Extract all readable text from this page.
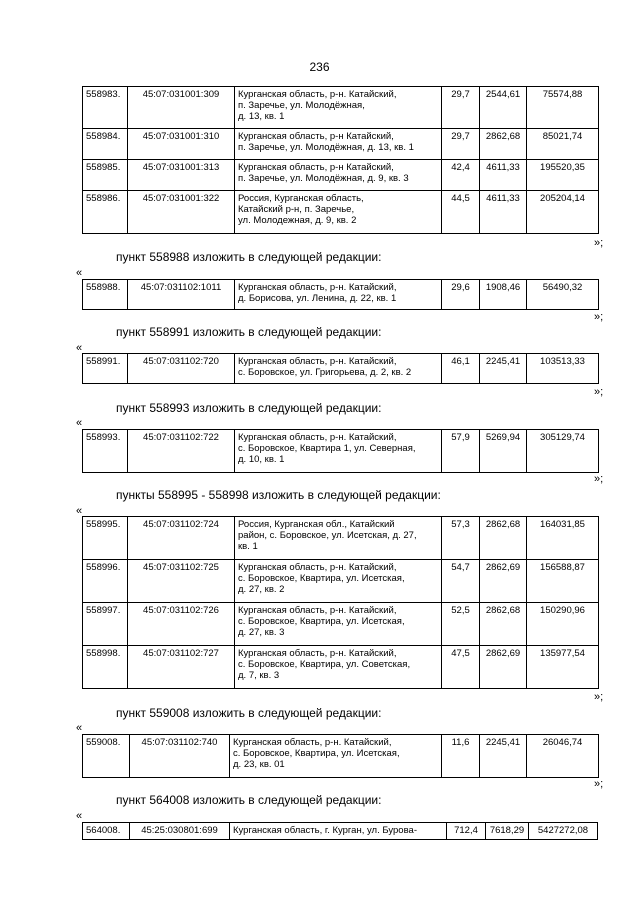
236
558983.	45:07:031001:309	Курганская область, р-н. Катайский,
п. Заречье, ул. Молодёжная,
д. 13, кв. 1	29,7	2544,61	75574,88
558984.	45:07:031001:310	Курганская область, р-н Катайский,
п. Заречье, ул. Молодёжная, д. 13, кв. 1	29,7	2862,68	85021,74
558985.	45:07:031001:313	Курганская область, р-н Катайский,
п. Заречье, ул. Молодёжная, д. 9, кв. 3	42,4	4611,33	195520,35
558986.	45:07:031001:322	Россия, Курганская область,
Катайский р-н, п. Заречье,
ул. Молодежная, д. 9, кв. 2	44,5	4611,33	205204,14
»;
пункт 558988 изложить в следующей редакции:
«
558988.	45:07:031102:1011	Курганская область, р-н. Катайский,
д. Борисова, ул. Ленина, д. 22, кв. 1	29,6	1908,46	56490,32
»;
пункт 558991 изложить в следующей редакции:
«
558991.	45:07:031102:720	Курганская область, р-н. Катайский,
с. Боровское, ул. Григорьева, д. 2, кв. 2	46,1	2245,41	103513,33
»;
пункт 558993 изложить в следующей редакции:
«
558993.	45:07:031102:722	Курганская область, р-н. Катайский,
с. Боровское, Квартира 1, ул. Северная,
д. 10, кв. 1	57,9	5269,94	305129,74
»;
пункты 558995 - 558998 изложить в следующей редакции:
«
558995.	45:07:031102:724	Россия, Курганская обл., Катайский
район, с. Боровское, ул. Исетская, д. 27,
кв. 1	57,3	2862,68	164031,85
558996.	45:07:031102:725	Курганская область, р-н. Катайский,
с. Боровское, Квартира, ул. Исетская,
д. 27, кв. 2	54,7	2862,69	156588,87
558997.	45:07:031102:726	Курганская область, р-н. Катайский,
с. Боровское, Квартира, ул. Исетская,
д. 27, кв. 3	52,5	2862,68	150290,96
558998.	45:07:031102:727	Курганская область, р-н. Катайский,
с. Боровское, Квартира, ул. Советская,
д. 7, кв. 3	47,5	2862,69	135977,54
»;
пункт 559008 изложить в следующей редакции:
«
559008.	45:07:031102:740	Курганская область, р-н. Катайский,
с. Боровское, Квартира, ул. Исетская,
д. 23, кв. 01	11,6	2245,41	26046,74
»;
пункт 564008 изложить в следующей редакции:
«
564008.	45:25:030801:699	Курганская область, г. Курган, ул. Бурова-	712,4	7618,29	5427272,08
